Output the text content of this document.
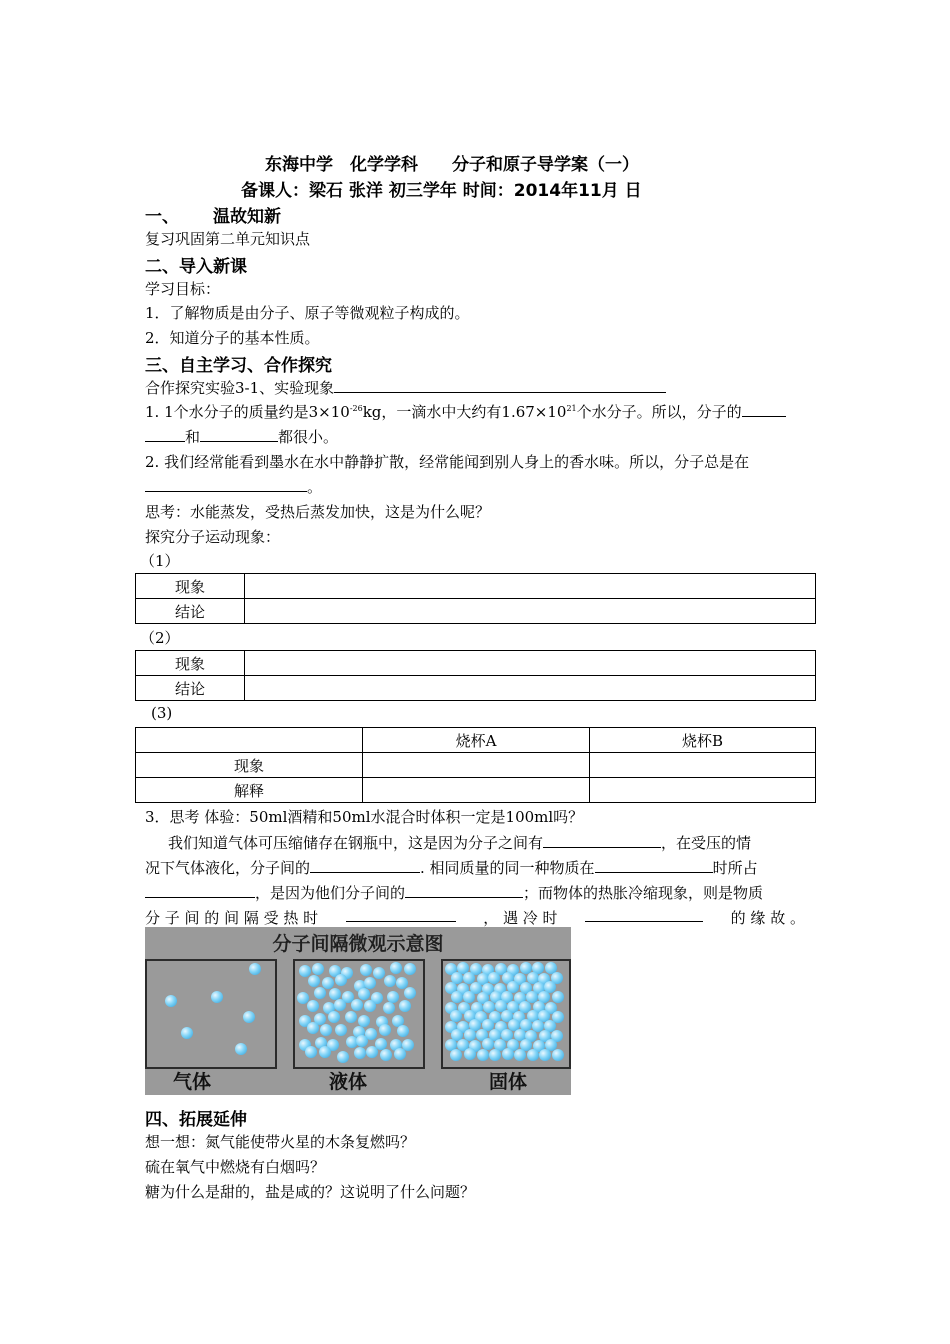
东海中学　化学学科　　分子和原子导学案（一）
备课人：梁石 张洋 初三学年 时间：2014年11月 日
一、 温故知新
复习巩固第二单元知识点
二、导入新课
学习目标：
1．了解物质是由分子、原子等微观粒子构成的。
2．知道分子的基本性质。
三、自主学习、合作探究
合作探究实验3-1、实验现象
1. 1个水分子的质量约是$3\times 10^{-26}kg$，一滴水中大约有$1.67\times 10^{21}$个水分子。所以，分子的
和	都很小。
2. 我们经常能看到墨水在水中静静扩散，经常能闻到别人身上的香水味。所以，分子总是在
。
思考：水能蒸发，受热后蒸发加快，这是为什么呢？
探究分子运动现象：
（1）
现象	
结论	
（2）
现象	
结论	
(3)
	烧杯A	烧杯B
现象		
解释		
3．思考 体验：50ml酒精和50ml水混合时体积一定是100ml吗？
我们知道气体可压缩储存在钢瓶中，这是因为分子之间有	，在受压的情
况下气体液化，分子间的	. 相同质量的同一种物质在	时所占
，是因为他们分子间的	；而物体的热胀冷缩现象，则是物质
分 子 间 的 间 隔 受 热 时	， 遇 冷 时	的 缘 故 。
分子间隔微观示意图
气体	液体	固体
四、拓展延伸
想一想：氮气能使带火星的木条复燃吗？
硫在氧气中燃烧有白烟吗？
糖为什么是甜的，盐是咸的？这说明了什么问题？
